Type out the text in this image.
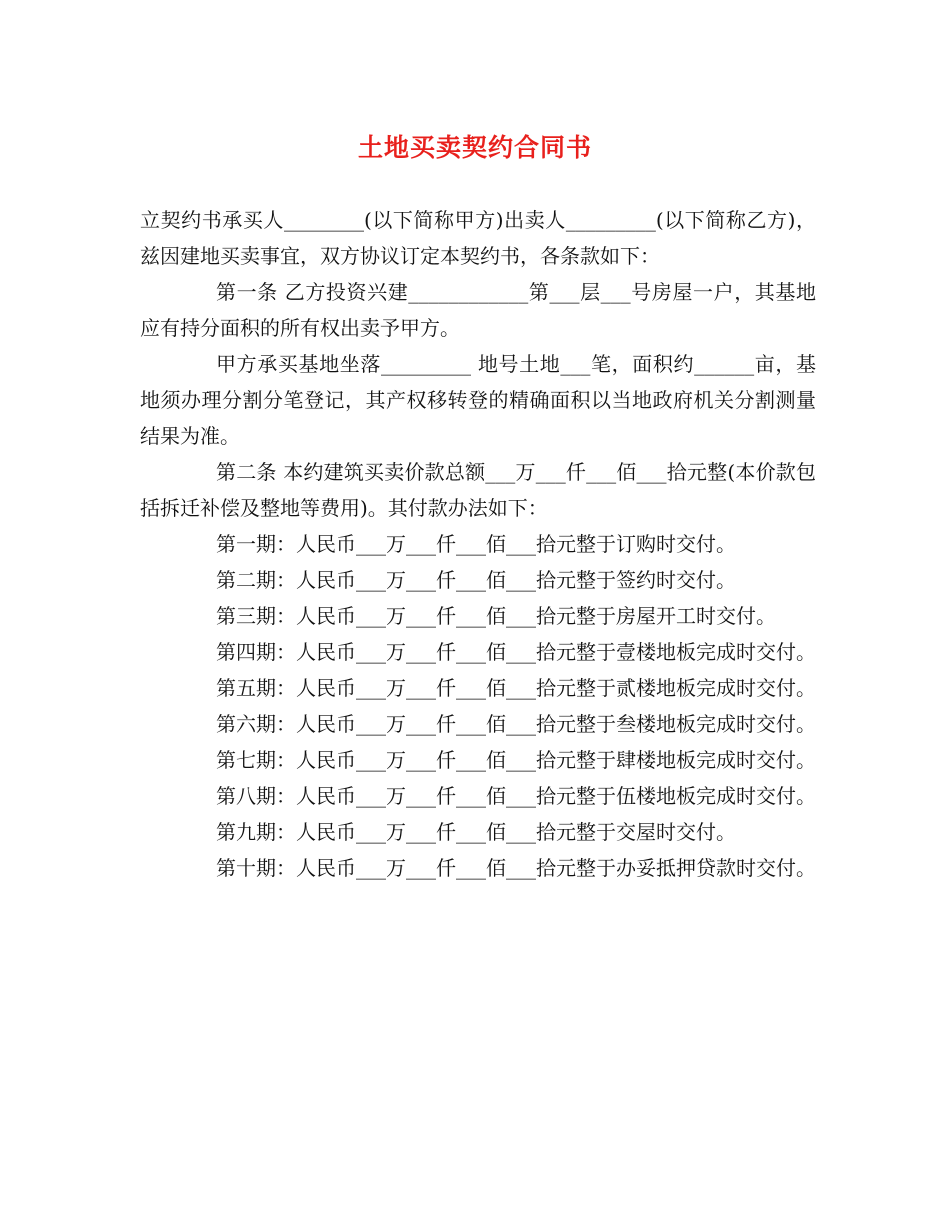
土地买卖契约合同书

立契约书承买人________(以下简称甲方)出卖人_________(以下简称乙方)，兹因建地买卖事宜，双方协议订定本契约书，各条款如下：

第一条 乙方投资兴建____________第___层___号房屋一户，其基地应有持分面积的所有权出卖予甲方。

甲方承买基地坐落_________ 地号土地___笔，面积约______亩，基地须办理分割分笔登记，其产权移转登的精确面积以当地政府机关分割测量结果为准。

第二条 本约建筑买卖价款总额___万___仟___佰___拾元整(本价款包括拆迁补偿及整地等费用)。其付款办法如下：

第一期：人民币___万___仟___佰___拾元整于订购时交付。

第二期：人民币___万___仟___佰___拾元整于签约时交付。

第三期：人民币___万___仟___佰___拾元整于房屋开工时交付。

第四期：人民币___万___仟___佰___拾元整于壹楼地板完成时交付。

第五期：人民币___万___仟___佰___拾元整于贰楼地板完成时交付。

第六期：人民币___万___仟___佰___拾元整于叁楼地板完成时交付。

第七期：人民币___万___仟___佰___拾元整于肆楼地板完成时交付。

第八期：人民币___万___仟___佰___拾元整于伍楼地板完成时交付。

第九期：人民币___万___仟___佰___拾元整于交屋时交付。

第十期：人民币___万___仟___佰___拾元整于办妥抵押贷款时交付。
